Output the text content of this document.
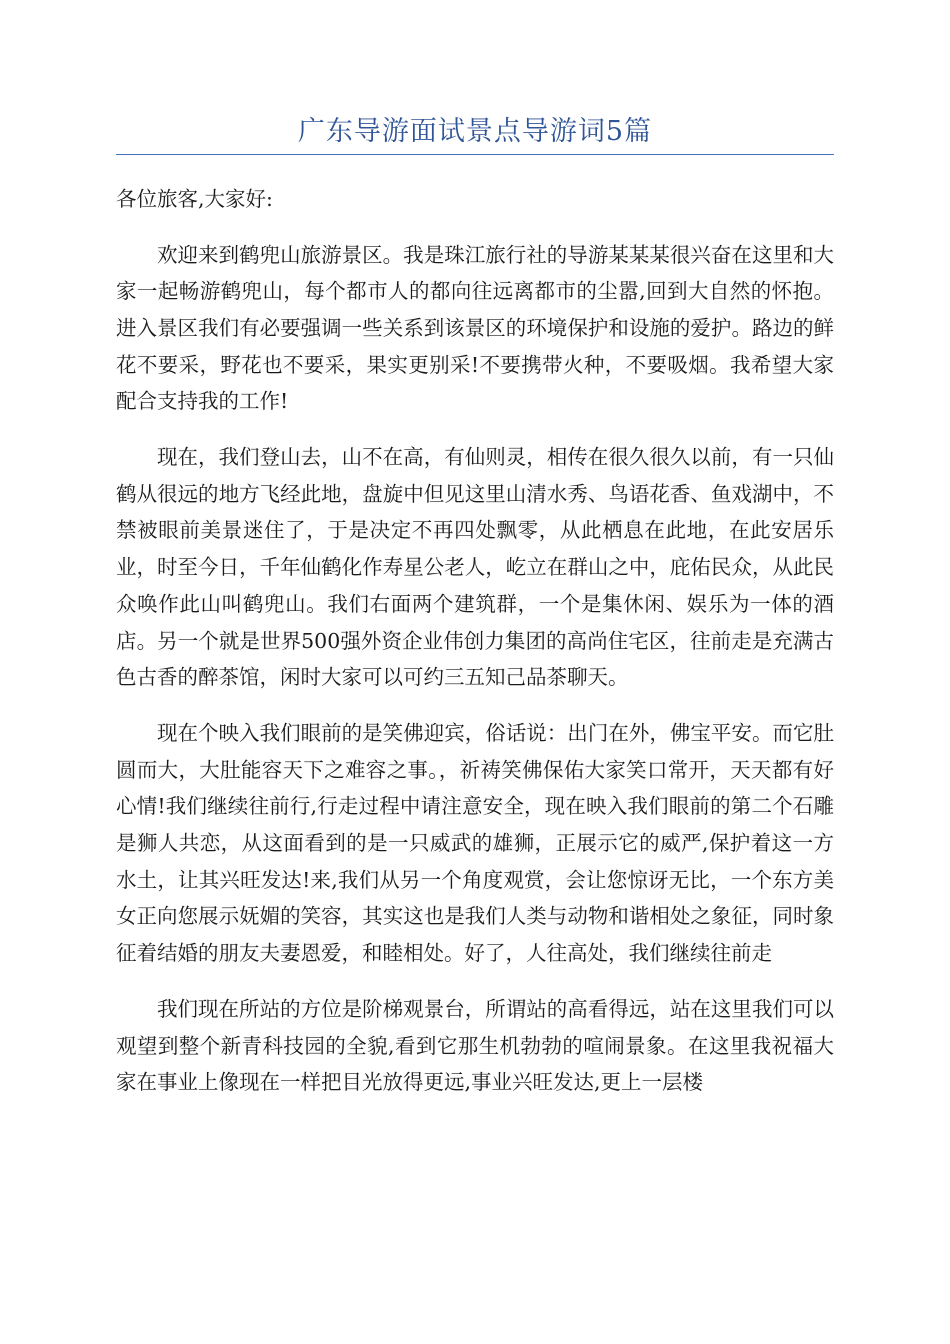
广东导游面试景点导游词5篇

各位旅客,大家好:

欢迎来到鹤兜山旅游景区。我是珠江旅行社的导游某某某很兴奋在这里和大家一起畅游鹤兜山，每个都市人的都向往远离都市的尘嚣,回到大自然的怀抱。进入景区我们有必要强调一些关系到该景区的环境保护和设施的爱护。路边的鲜花不要采，野花也不要采，果实更别采!不要携带火种，不要吸烟。我希望大家配合支持我的工作!

现在，我们登山去，山不在高，有仙则灵，相传在很久很久以前，有一只仙鹤从很远的地方飞经此地，盘旋中但见这里山清水秀、鸟语花香、鱼戏湖中，不禁被眼前美景迷住了，于是决定不再四处飘零，从此栖息在此地，在此安居乐业，时至今日，千年仙鹤化作寿星公老人，屹立在群山之中，庇佑民众，从此民众唤作此山叫鹤兜山。我们右面两个建筑群，一个是集休闲、娱乐为一体的酒店。另一个就是世界500强外资企业伟创力集团的高尚住宅区，往前走是充满古色古香的醉茶馆，闲时大家可以可约三五知己品茶聊天。

现在个映入我们眼前的是笑佛迎宾，俗话说：出门在外，佛宝平安。而它肚圆而大，大肚能容天下之难容之事。，祈祷笑佛保佑大家笑口常开，天天都有好心情!我们继续往前行,行走过程中请注意安全，现在映入我们眼前的第二个石雕是狮人共恋，从这面看到的是一只威武的雄狮，正展示它的威严,保护着这一方水土，让其兴旺发达!来,我们从另一个角度观赏，会让您惊讶无比，一个东方美女正向您展示妩媚的笑容，其实这也是我们人类与动物和谐相处之象征，同时象征着结婚的朋友夫妻恩爱，和睦相处。好了，人往高处，我们继续往前走

我们现在所站的方位是阶梯观景台，所谓站的高看得远，站在这里我们可以观望到整个新青科技园的全貌,看到它那生机勃勃的喧闹景象。在这里我祝福大家在事业上像现在一样把目光放得更远,事业兴旺发达,更上一层楼
